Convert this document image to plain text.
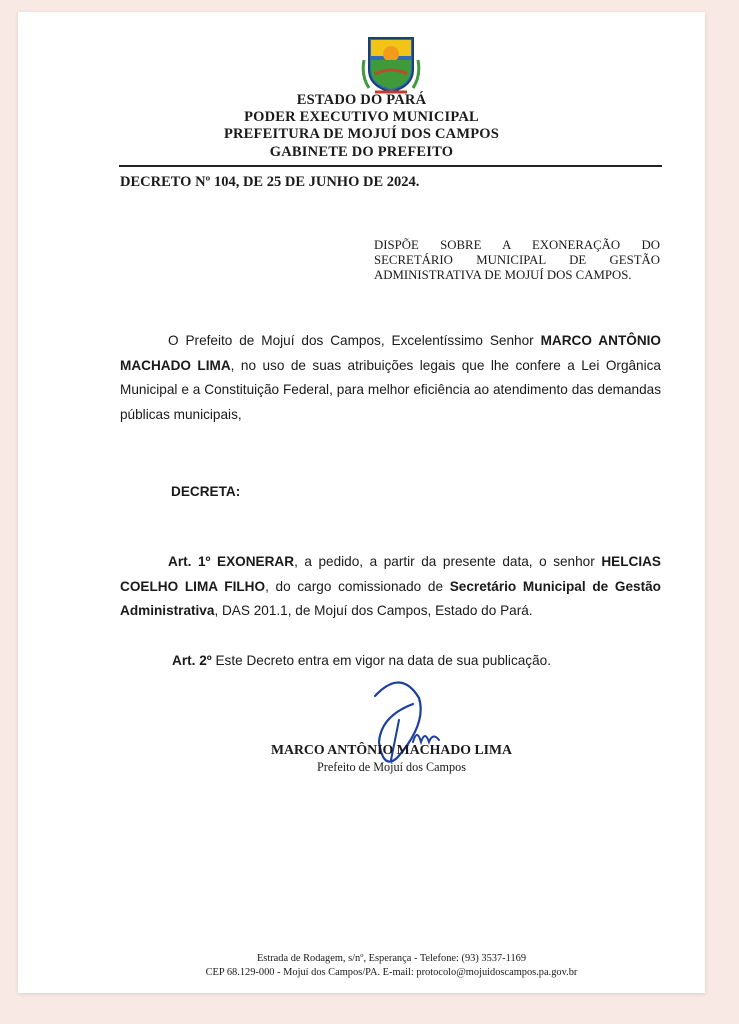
ESTADO DO PARÁ
PODER EXECUTIVO MUNICIPAL
PREFEITURA DE MOJUÍ DOS CAMPOS
GABINETE DO PREFEITO
DECRETO Nº 104, DE 25 DE JUNHO DE 2024.
DISPÕE SOBRE A EXONERAÇÃO DO SECRETÁRIO MUNICIPAL DE GESTÃO ADMINISTRATIVA DE MOJUÍ DOS CAMPOS.
O Prefeito de Mojuí dos Campos, Excelentíssimo Senhor MARCO ANTÔNIO MACHADO LIMA, no uso de suas atribuições legais que lhe confere a Lei Orgânica Municipal e a Constituição Federal, para melhor eficiência ao atendimento das demandas públicas municipais,
DECRETA:
Art. 1º EXONERAR, a pedido, a partir da presente data, o senhor HELCIAS COELHO LIMA FILHO, do cargo comissionado de Secretário Municipal de Gestão Administrativa, DAS 201.1, de Mojuí dos Campos, Estado do Pará.
Art. 2º Este Decreto entra em vigor na data de sua publicação.
MARCO ANTÔNIO MACHADO LIMA
Prefeito de Mojuí dos Campos
Estrada de Rodagem, s/nº, Esperança - Telefone: (93) 3537-1169
CEP 68.129-000 - Mojuí dos Campos/PA. E-mail: protocolo@mojuidoscampos.pa.gov.br
